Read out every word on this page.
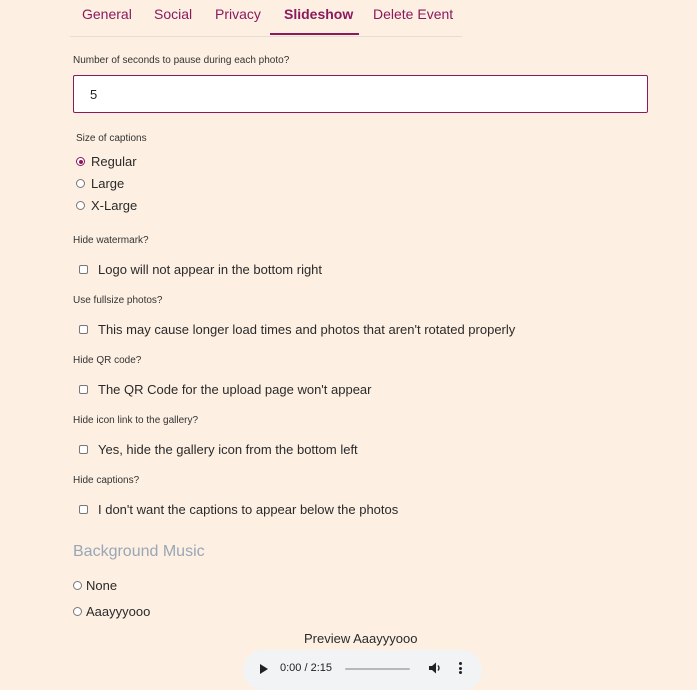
General Social Privacy Slideshow Delete Event
Number of seconds to pause during each photo?
5
Size of captions
Regular
Large
X-Large
Hide watermark?
Logo will not appear in the bottom right
Use fullsize photos?
This may cause longer load times and photos that aren't rotated properly
Hide QR code?
The QR Code for the upload page won't appear
Hide icon link to the gallery?
Yes, hide the gallery icon from the bottom left
Hide captions?
I don't want the captions to appear below the photos
Background Music
None
Aaayyyooo
Preview Aaayyyooo
0:00 / 2:15
